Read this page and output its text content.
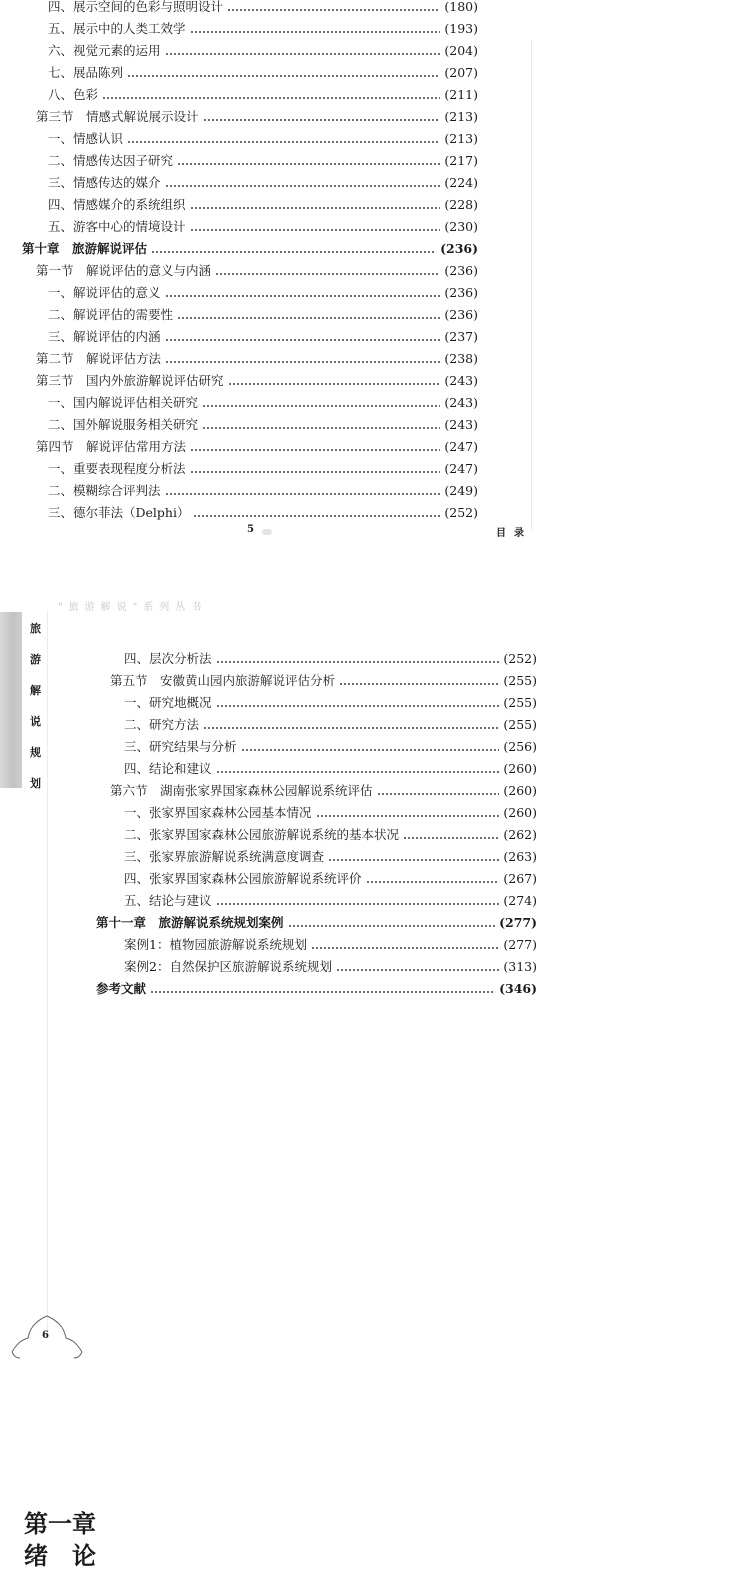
四、展示空间的色彩与照明设计	(180)
五、展示中的人类工效学	(193)
六、视觉元素的运用	(204)
七、展品陈列	(207)
八、色彩	(211)
第三节　情感式解说展示设计	(213)
一、情感认识	(213)
二、情感传达因子研究	(217)
三、情感传达的媒介	(224)
四、情感媒介的系统组织	(228)
五、游客中心的情境设计	(230)
第十章　旅游解说评估	(236)
第一节　解说评估的意义与内涵	(236)
一、解说评估的意义	(236)
二、解说评估的需要性	(236)
三、解说评估的内涵	(237)
第二节　解说评估方法	(238)
第三节　国内外旅游解说评估研究	(243)
一、国内解说评估相关研究	(243)
二、国外解说服务相关研究	(243)
第四节　解说评估常用方法	(247)
一、重要表现程度分析法	(247)
二、模糊综合评判法	(249)
三、德尔菲法（Delphi）	(252)
5	目录
"旅游解说"系列丛书
旅
游
解
说
规
划
四、层次分析法	(252)
第五节　安徽黄山园内旅游解说评估分析	(255)
一、研究地概况	(255)
二、研究方法	(255)
三、研究结果与分析	(256)
四、结论和建议	(260)
第六节　湖南张家界国家森林公园解说系统评估	(260)
一、张家界国家森林公园基本情况	(260)
二、张家界国家森林公园旅游解说系统的基本状况	(262)
三、张家界旅游解说系统满意度调查	(263)
四、张家界国家森林公园旅游解说系统评价	(267)
五、结论与建议	(274)
第十一章　旅游解说系统规划案例	(277)
案例1：植物园旅游解说系统规划	(277)
案例2：自然保护区旅游解说系统规划	(313)
参考文献	(346)
6
第一章
绪　论
